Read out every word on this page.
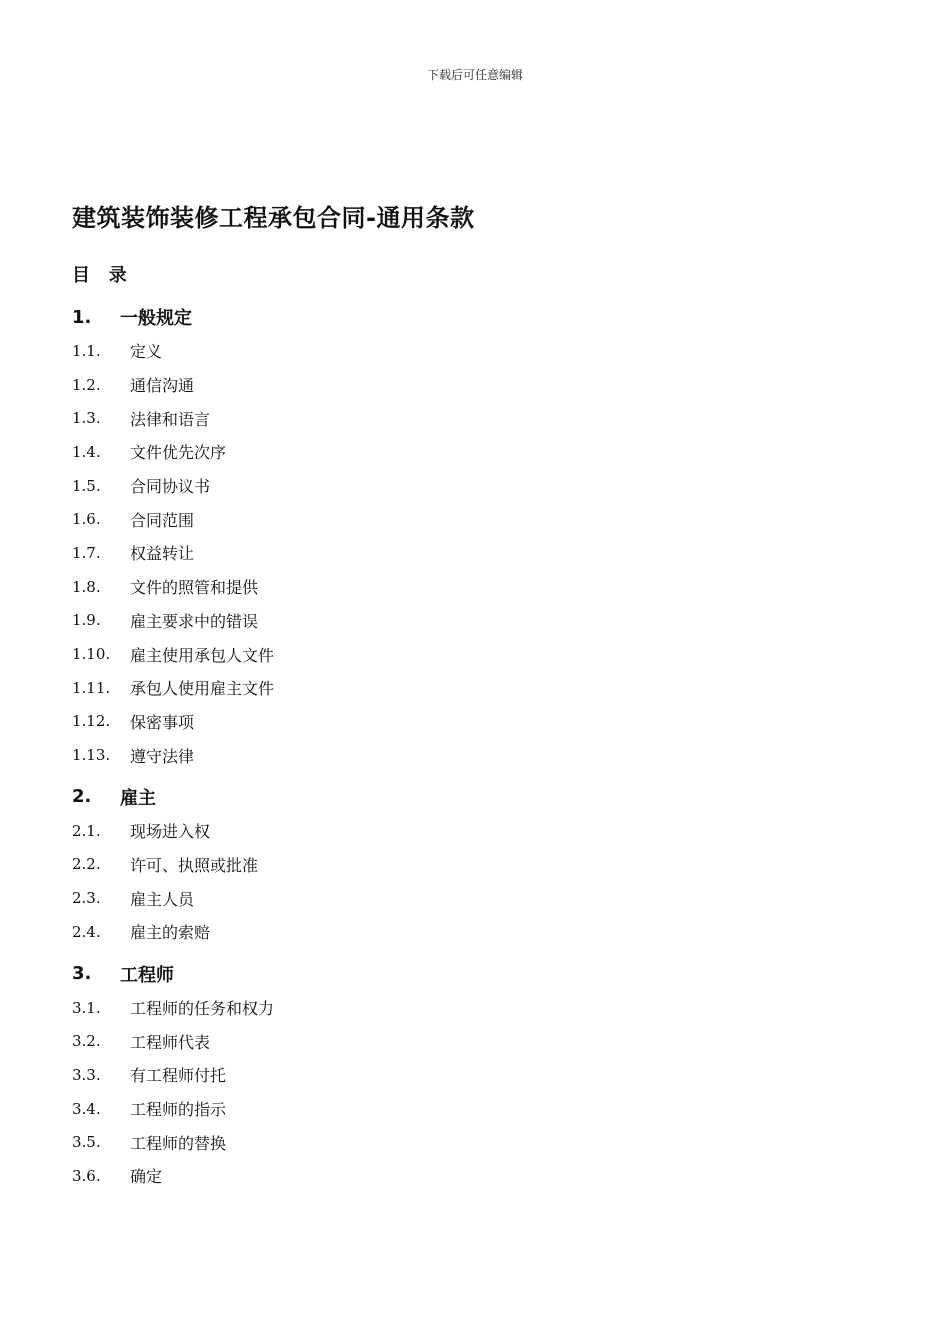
下载后可任意编辑
建筑装饰装修工程承包合同-通用条款
目   录
1.	一般规定
1.1.	定义
1.2.	通信沟通
1.3.	法律和语言
1.4.	文件优先次序
1.5.	合同协议书
1.6.	合同范围
1.7.	权益转让
1.8.	文件的照管和提供
1.9.	雇主要求中的错误
1.10.	雇主使用承包人文件
1.11.	承包人使用雇主文件
1.12.	保密事项
1.13.	遵守法律
2.	雇主
2.1.	现场进入权
2.2.	许可、执照或批准
2.3.	雇主人员
2.4.	雇主的索赔
3.	工程师
3.1.	工程师的任务和权力
3.2.	工程师代表
3.3.	有工程师付托
3.4.	工程师的指示
3.5.	工程师的替换
3.6.	确定
